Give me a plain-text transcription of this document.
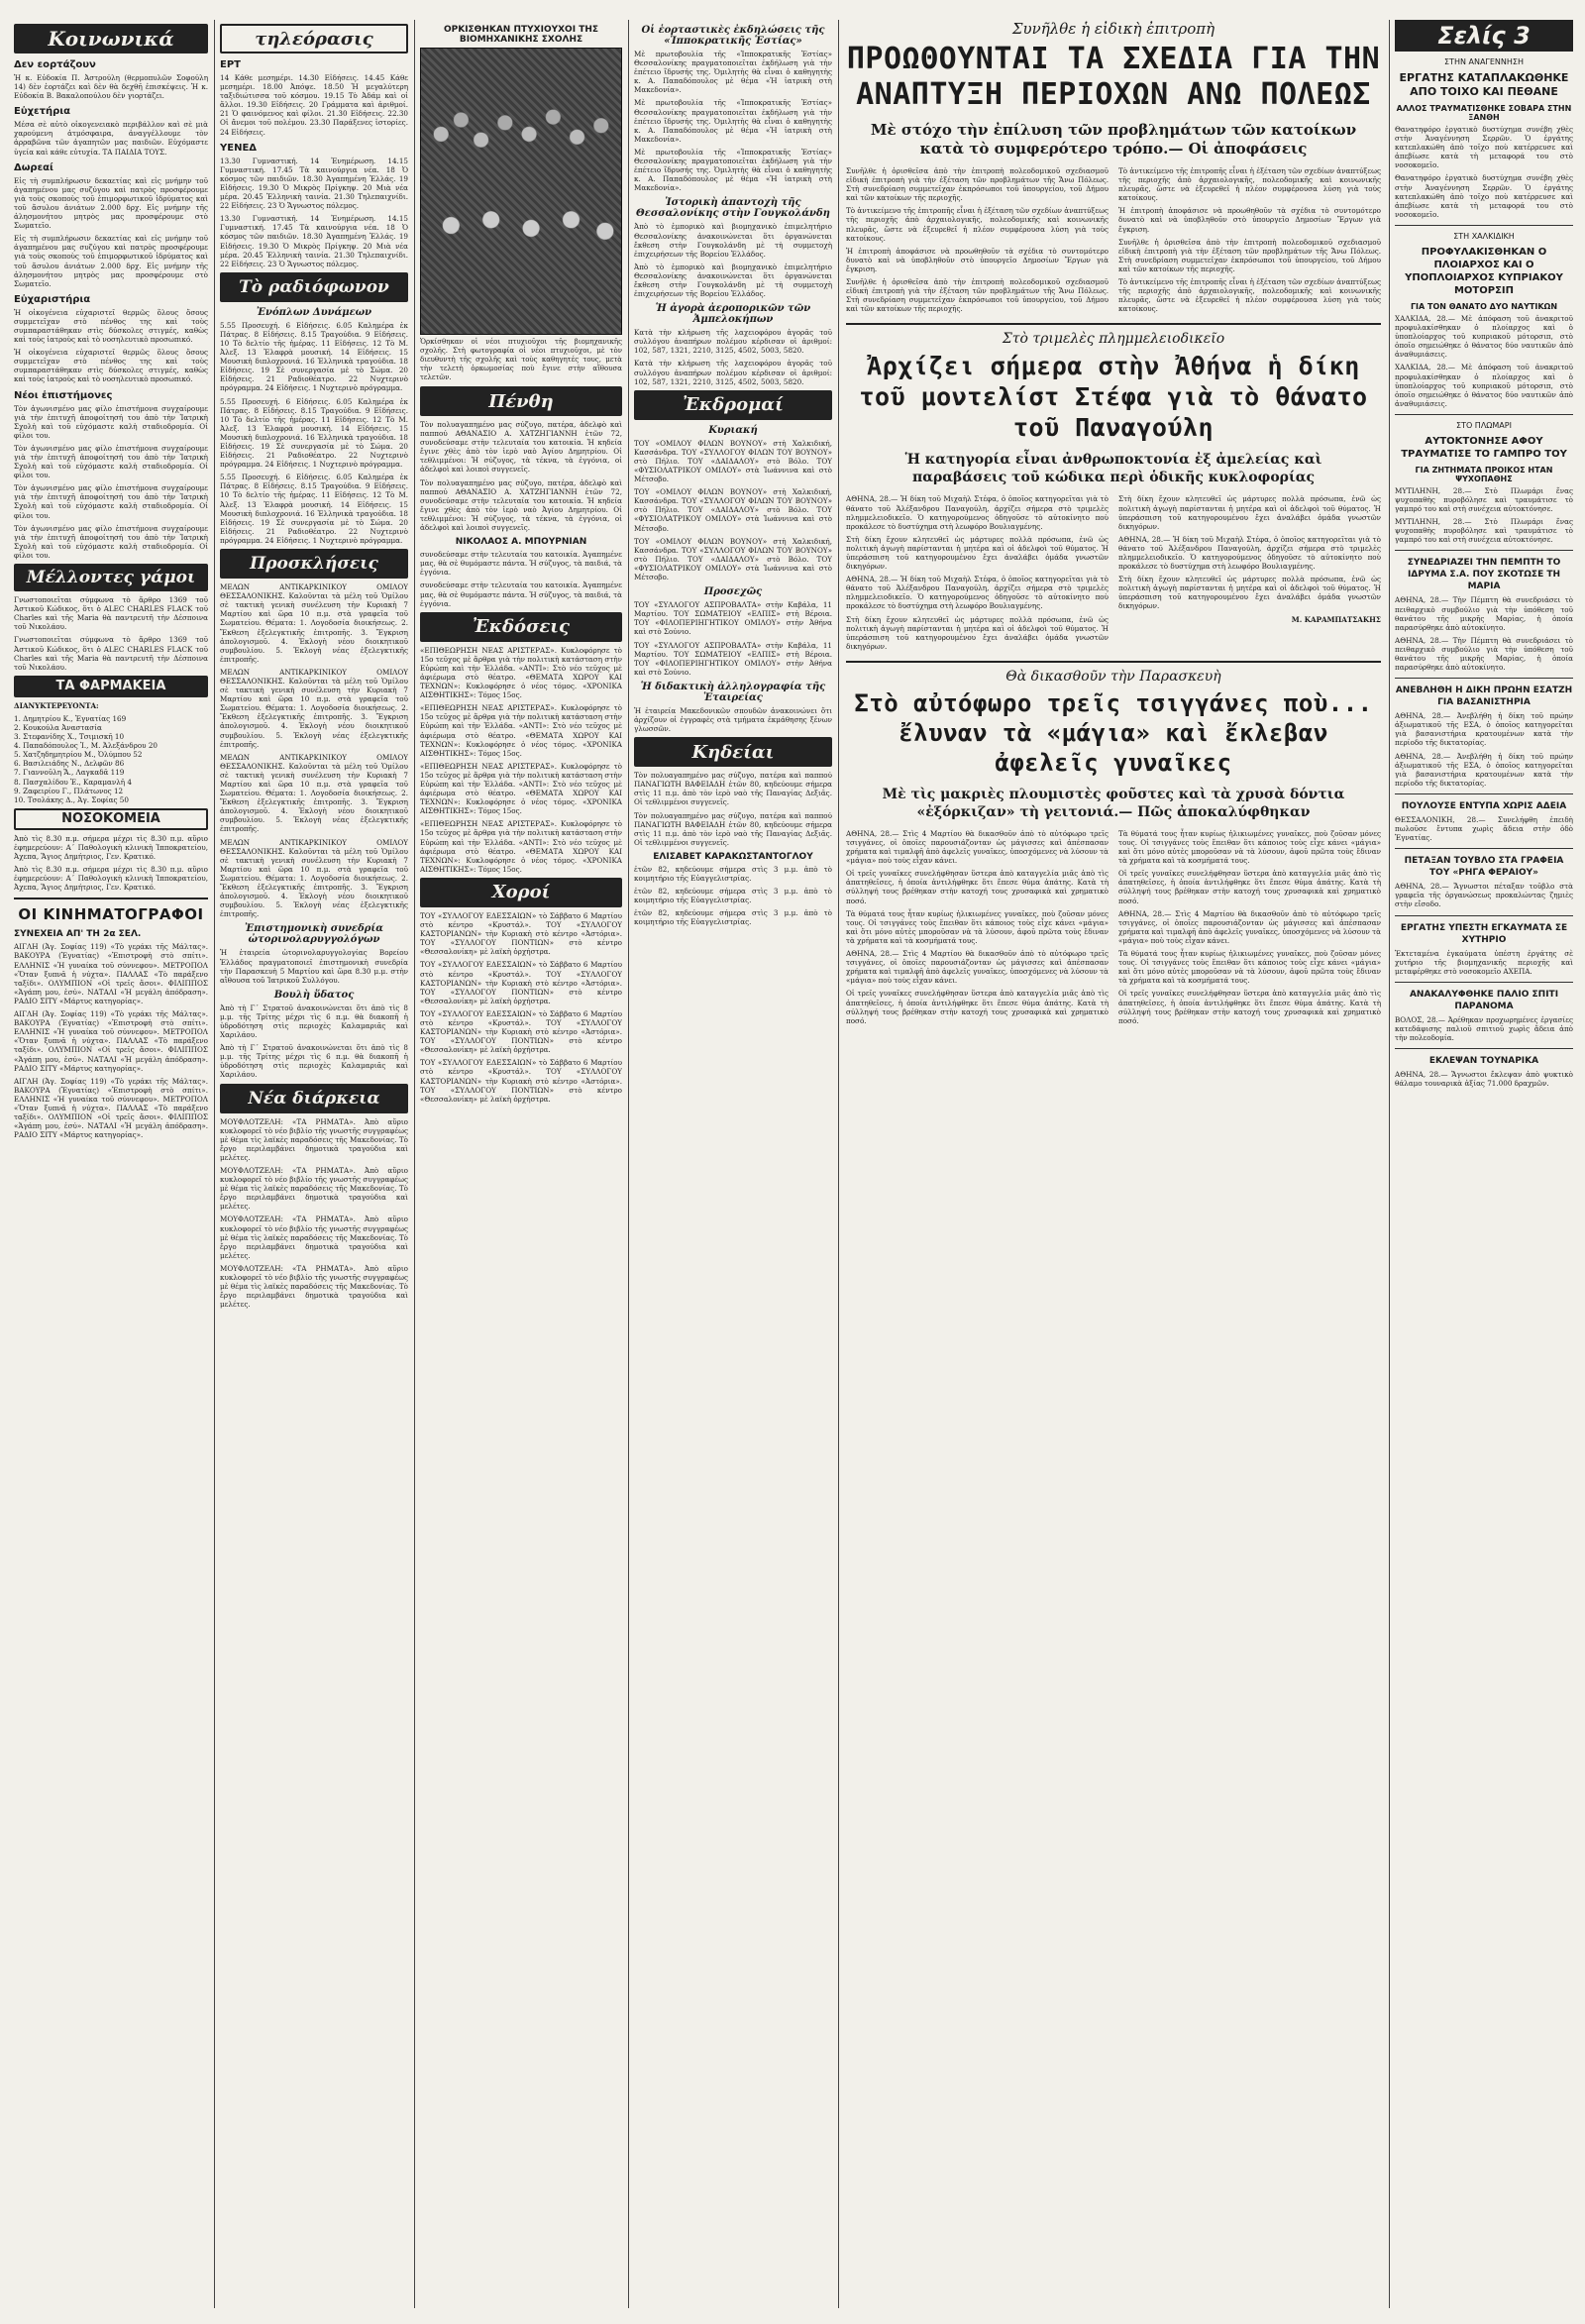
Κοινωνικά
Δεν εορτάζουν
Ἡ κ. Εὐδοκία Π. Ἀστρούλη (θερμοπυλῶν Σοφούλη 14) δὲν ἑορτάζει καὶ δὲν θὰ δεχθῆ ἐπισκέψεις. Ἡ κ. Εὐδοκία Β. Βακαλοπούλου δὲν γιορτάζει.
Εὐχετήρια
Μέσα σὲ αὐτὸ οἰκογενειακὸ περιβάλλον καὶ σὲ μιὰ χαρούμενη ἀτμόσφαιρα, ἀναγγέλλουμε τὸν ἀρραβῶνα τῶν ἀγαπητῶν μας παιδιῶν. Εὐχόμαστε ὑγεία καὶ κάθε εὐτυχία. ΤΑ ΠΑΙΔΙΑ ΤΟΥΣ.
Δωρεαί
Εἰς τὴ συμπλήρωσιν δεκαετίας καὶ εἰς μνήμην τοῦ ἀγαπημένου μας συζύγου καὶ πατρὸς προσφέρουμε γιὰ τοὺς σκοποὺς τοῦ ἐπιμορφωτικοῦ ἱδρύματος καὶ τοῦ ἄσυλου ἀνιάτων 2.000 δρχ. Εἰς μνήμην τῆς ἀλησμονήτου μητρὸς μας προσφέρουμε στὸ Σωματεῖο.
Εἰς τὴ συμπλήρωσιν δεκαετίας καὶ εἰς μνήμην τοῦ ἀγαπημένου μας συζύγου καὶ πατρὸς προσφέρουμε γιὰ τοὺς σκοποὺς τοῦ ἐπιμορφωτικοῦ ἱδρύματος καὶ τοῦ ἄσυλου ἀνιάτων 2.000 δρχ. Εἰς μνήμην τῆς ἀλησμονήτου μητρὸς μας προσφέρουμε στὸ Σωματεῖο.
Εὐχαριστήρια
Ἡ οἰκογένεια εὐχαριστεῖ θερμῶς ὅλους ὅσους συμμετεῖχαν στὸ πένθος της καὶ τοὺς συμπαραστάθηκαν στὶς δύσκολες στιγμές, καθὼς καὶ τοὺς ἰατροὺς καὶ τὸ νοσηλευτικὸ προσωπικό.
Ἡ οἰκογένεια εὐχαριστεῖ θερμῶς ὅλους ὅσους συμμετεῖχαν στὸ πένθος της καὶ τοὺς συμπαραστάθηκαν στὶς δύσκολες στιγμές, καθὼς καὶ τοὺς ἰατροὺς καὶ τὸ νοσηλευτικὸ προσωπικό.
Νέοι ἐπιστήμονες
Τὸν ἀγωνισμένο μας φίλο ἐπιστήμονα συγχαίρουμε γιὰ τὴν ἐπιτυχῆ ἀποφοίτησή του ἀπὸ τὴν Ἰατρικὴ Σχολὴ καὶ τοῦ εὐχόμαστε καλὴ σταδιοδρομία. Οἱ φίλοι του.
Τὸν ἀγωνισμένο μας φίλο ἐπιστήμονα συγχαίρουμε γιὰ τὴν ἐπιτυχῆ ἀποφοίτησή του ἀπὸ τὴν Ἰατρικὴ Σχολὴ καὶ τοῦ εὐχόμαστε καλὴ σταδιοδρομία. Οἱ φίλοι του.
Τὸν ἀγωνισμένο μας φίλο ἐπιστήμονα συγχαίρουμε γιὰ τὴν ἐπιτυχῆ ἀποφοίτησή του ἀπὸ τὴν Ἰατρικὴ Σχολὴ καὶ τοῦ εὐχόμαστε καλὴ σταδιοδρομία. Οἱ φίλοι του.
Τὸν ἀγωνισμένο μας φίλο ἐπιστήμονα συγχαίρουμε γιὰ τὴν ἐπιτυχῆ ἀποφοίτησή του ἀπὸ τὴν Ἰατρικὴ Σχολὴ καὶ τοῦ εὐχόμαστε καλὴ σταδιοδρομία. Οἱ φίλοι του.
Μέλλοντες γάμοι
Γνωστοποιεῖται σύμφωνα τὸ ἄρθρο 1369 τοῦ Ἀστικοῦ Κώδικος, ὅτι ὁ ALEC CHARLES FLACK τοῦ Charles καὶ τῆς Maria θὰ παντρευτῆ τὴν Δέσποινα τοῦ Νικολάου.
Γνωστοποιεῖται σύμφωνα τὸ ἄρθρο 1369 τοῦ Ἀστικοῦ Κώδικος, ὅτι ὁ ALEC CHARLES FLACK τοῦ Charles καὶ τῆς Maria θὰ παντρευτῆ τὴν Δέσποινα τοῦ Νικολάου.
ΤΑ ΦΑΡΜΑΚΕΙΑ
ΔΙΑΝΥΚΤΕΡΕΥΟΝΤΑ:
1. Δημητρίου Κ., Ἐγνατίας 169
2. Κουκούλα Ἀναστασία
3. Στεφανίδης Χ., Τσιμισκῆ 10
4. Παπαδόπουλος Ἰ., Μ. Ἀλεξάνδρου 20
5. Χατζηδημητρίου Μ., Ὀλύμπου 52
6. Βασιλειάδης Ν., Δελφῶν 86
7. Γιαννοῦλη Ἄ., Λαγκαδᾶ 119
8. Πασχαλίδου Ἐ., Καραμανλῆ 4
9. Ζαφειρίου Γ., Πλάτωνος 12
10. Τσολάκης Δ., Ἀγ. Σοφίας 50
ΝΟΣΟΚΟΜΕΙΑ
Ἀπὸ τὶς 8.30 π.μ. σήμερα μέχρι τὶς 8.30 π.μ. αὔριο ἐφημερεύουν: Α΄ Παθολογικὴ κλινικὴ Ἱπποκρατείου, Ἀχεπα, Ἅγιος Δημήτριος, Γεν. Κρατικό.
Ἀπὸ τὶς 8.30 π.μ. σήμερα μέχρι τὶς 8.30 π.μ. αὔριο ἐφημερεύουν: Α΄ Παθολογικὴ κλινικὴ Ἱπποκρατείου, Ἀχεπα, Ἅγιος Δημήτριος, Γεν. Κρατικό.
ΟΙ ΚΙΝΗΜΑΤΟΓΡΑΦΟΙ
ΣΥΝΕΧΕΙΑ ΑΠ' ΤΗ 2α ΣΕΛ.
ΑΙΓΛΗ (Ἀγ. Σοφίας 119) «Τὸ γεράκι τῆς Μάλτας». ΒΑΚΟΥΡΑ (Ἐγνατίας) «Ἐπιστροφὴ στὸ σπίτι». ΕΛΛΗΝΙΣ «Ἡ γυναίκα τοῦ σύννεφου». ΜΕΤΡΟΠΟΛ «Ὅταν ξυπνᾶ ἡ νύχτα». ΠΑΛΛΑΣ «Τὸ παράξενο ταξίδι». ΟΛΥΜΠΙΟΝ «Οἱ τρεῖς ἄσοι». ΦΙΛΙΠΠΟΣ «Ἀγάπη μου, ἐσύ». ΝΑΤΑΛΙ «Ἡ μεγάλη ἀπόδραση». ΡΑΔΙΟ ΣΙΤΥ «Μάρτυς κατηγορίας».
ΑΙΓΛΗ (Ἀγ. Σοφίας 119) «Τὸ γεράκι τῆς Μάλτας». ΒΑΚΟΥΡΑ (Ἐγνατίας) «Ἐπιστροφὴ στὸ σπίτι». ΕΛΛΗΝΙΣ «Ἡ γυναίκα τοῦ σύννεφου». ΜΕΤΡΟΠΟΛ «Ὅταν ξυπνᾶ ἡ νύχτα». ΠΑΛΛΑΣ «Τὸ παράξενο ταξίδι». ΟΛΥΜΠΙΟΝ «Οἱ τρεῖς ἄσοι». ΦΙΛΙΠΠΟΣ «Ἀγάπη μου, ἐσύ». ΝΑΤΑΛΙ «Ἡ μεγάλη ἀπόδραση». ΡΑΔΙΟ ΣΙΤΥ «Μάρτυς κατηγορίας».
ΑΙΓΛΗ (Ἀγ. Σοφίας 119) «Τὸ γεράκι τῆς Μάλτας». ΒΑΚΟΥΡΑ (Ἐγνατίας) «Ἐπιστροφὴ στὸ σπίτι». ΕΛΛΗΝΙΣ «Ἡ γυναίκα τοῦ σύννεφου». ΜΕΤΡΟΠΟΛ «Ὅταν ξυπνᾶ ἡ νύχτα». ΠΑΛΛΑΣ «Τὸ παράξενο ταξίδι». ΟΛΥΜΠΙΟΝ «Οἱ τρεῖς ἄσοι». ΦΙΛΙΠΠΟΣ «Ἀγάπη μου, ἐσύ». ΝΑΤΑΛΙ «Ἡ μεγάλη ἀπόδραση». ΡΑΔΙΟ ΣΙΤΥ «Μάρτυς κατηγορίας».
τηλεόρασις
ΕΡΤ
14 Κάθε μεσημέρι. 14.30 Εἰδήσεις. 14.45 Κάθε μεσημέρι. 18.00 Ἀπόψε. 18.50 Ἡ μεγαλύτερη ταξιδιώτισσα τοῦ κόσμου. 19.15 Τὸ Ἀδάμ καὶ οἱ ἄλλοι. 19.30 Εἰδήσεις. 20 Γράμματα καὶ ἀριθμοί. 21 Ὁ φαινόμενος καὶ φίλοι. 21.30 Εἰδήσεις. 22.30 Οἱ ἄνεμοι τοῦ πολέμου. 23.30 Παράξενες ἱστορίες. 24 Εἰδήσεις.
ΥΕΝΕΔ
13.30 Γυμναστική. 14 Ἐνημέρωση. 14.15 Γυμναστική. 17.45 Τὰ καινούργια νέα. 18 Ὁ κόσμος τῶν παιδιῶν. 18.30 Ἀγαπημένη Ἑλλάς. 19 Εἰδήσεις. 19.30 Ὁ Μικρὸς Πρίγκηψ. 20 Μιὰ νέα μέρα. 20.45 Ἑλληνικὴ ταινία. 21.30 Τηλεπαιχνίδι. 22 Εἰδήσεις. 23 Ὁ Ἄγνωστος πόλεμος.
13.30 Γυμναστική. 14 Ἐνημέρωση. 14.15 Γυμναστική. 17.45 Τὰ καινούργια νέα. 18 Ὁ κόσμος τῶν παιδιῶν. 18.30 Ἀγαπημένη Ἑλλάς. 19 Εἰδήσεις. 19.30 Ὁ Μικρὸς Πρίγκηψ. 20 Μιὰ νέα μέρα. 20.45 Ἑλληνικὴ ταινία. 21.30 Τηλεπαιχνίδι. 22 Εἰδήσεις. 23 Ὁ Ἄγνωστος πόλεμος.
Τὸ ραδιόφωνον
Ἐνόπλων Δυνάμεων
5.55 Προσευχή. 6 Εἰδήσεις. 6.05 Καλημέρα ἐκ Πάτρας. 8 Εἰδήσεις. 8.15 Τραγούδια. 9 Εἰδήσεις. 10 Τὸ δελτίο τῆς ἡμέρας. 11 Εἰδήσεις. 12 Τὸ Μ. Ἀλεξ. 13 Ἐλαφρὰ μουσική. 14 Εἰδήσεις. 15 Μουσικὴ διπλοχρονιά. 16 Ἑλληνικὰ τραγούδια. 18 Εἰδήσεις. 19 Σὲ συνεργασία μὲ τὸ Σώμα. 20 Εἰδήσεις. 21 Ραδιοθέατρο. 22 Νυχτερινὸ πρόγραμμα. 24 Εἰδήσεις. 1 Νυχτερινὸ πρόγραμμα.
5.55 Προσευχή. 6 Εἰδήσεις. 6.05 Καλημέρα ἐκ Πάτρας. 8 Εἰδήσεις. 8.15 Τραγούδια. 9 Εἰδήσεις. 10 Τὸ δελτίο τῆς ἡμέρας. 11 Εἰδήσεις. 12 Τὸ Μ. Ἀλεξ. 13 Ἐλαφρὰ μουσική. 14 Εἰδήσεις. 15 Μουσικὴ διπλοχρονιά. 16 Ἑλληνικὰ τραγούδια. 18 Εἰδήσεις. 19 Σὲ συνεργασία μὲ τὸ Σώμα. 20 Εἰδήσεις. 21 Ραδιοθέατρο. 22 Νυχτερινὸ πρόγραμμα. 24 Εἰδήσεις. 1 Νυχτερινὸ πρόγραμμα.
5.55 Προσευχή. 6 Εἰδήσεις. 6.05 Καλημέρα ἐκ Πάτρας. 8 Εἰδήσεις. 8.15 Τραγούδια. 9 Εἰδήσεις. 10 Τὸ δελτίο τῆς ἡμέρας. 11 Εἰδήσεις. 12 Τὸ Μ. Ἀλεξ. 13 Ἐλαφρὰ μουσική. 14 Εἰδήσεις. 15 Μουσικὴ διπλοχρονιά. 16 Ἑλληνικὰ τραγούδια. 18 Εἰδήσεις. 19 Σὲ συνεργασία μὲ τὸ Σώμα. 20 Εἰδήσεις. 21 Ραδιοθέατρο. 22 Νυχτερινὸ πρόγραμμα. 24 Εἰδήσεις. 1 Νυχτερινὸ πρόγραμμα.
Προσκλήσεις
ΜΕΛΩΝ ΑΝΤΙΚΑΡΚΙΝΙΚΟΥ ΟΜΙΛΟΥ ΘΕΣΣΑΛΟΝΙΚΗΣ. Καλοῦνται τὰ μέλη τοῦ Ὁμίλου σὲ τακτικὴ γενικὴ συνέλευση τὴν Κυριακὴ 7 Μαρτίου καὶ ὥρα 10 π.μ. στὰ γραφεῖα τοῦ Σωματείου. Θέματα: 1. Λογοδοσία διοικήσεως. 2. Ἔκθεση ἐξελεγκτικῆς ἐπιτροπῆς. 3. Ἔγκριση ἀπολογισμοῦ. 4. Ἐκλογὴ νέου διοικητικοῦ συμβουλίου. 5. Ἐκλογὴ νέας ἐξελεγκτικῆς ἐπιτροπῆς.
ΜΕΛΩΝ ΑΝΤΙΚΑΡΚΙΝΙΚΟΥ ΟΜΙΛΟΥ ΘΕΣΣΑΛΟΝΙΚΗΣ. Καλοῦνται τὰ μέλη τοῦ Ὁμίλου σὲ τακτικὴ γενικὴ συνέλευση τὴν Κυριακὴ 7 Μαρτίου καὶ ὥρα 10 π.μ. στὰ γραφεῖα τοῦ Σωματείου. Θέματα: 1. Λογοδοσία διοικήσεως. 2. Ἔκθεση ἐξελεγκτικῆς ἐπιτροπῆς. 3. Ἔγκριση ἀπολογισμοῦ. 4. Ἐκλογὴ νέου διοικητικοῦ συμβουλίου. 5. Ἐκλογὴ νέας ἐξελεγκτικῆς ἐπιτροπῆς.
ΜΕΛΩΝ ΑΝΤΙΚΑΡΚΙΝΙΚΟΥ ΟΜΙΛΟΥ ΘΕΣΣΑΛΟΝΙΚΗΣ. Καλοῦνται τὰ μέλη τοῦ Ὁμίλου σὲ τακτικὴ γενικὴ συνέλευση τὴν Κυριακὴ 7 Μαρτίου καὶ ὥρα 10 π.μ. στὰ γραφεῖα τοῦ Σωματείου. Θέματα: 1. Λογοδοσία διοικήσεως. 2. Ἔκθεση ἐξελεγκτικῆς ἐπιτροπῆς. 3. Ἔγκριση ἀπολογισμοῦ. 4. Ἐκλογὴ νέου διοικητικοῦ συμβουλίου. 5. Ἐκλογὴ νέας ἐξελεγκτικῆς ἐπιτροπῆς.
ΜΕΛΩΝ ΑΝΤΙΚΑΡΚΙΝΙΚΟΥ ΟΜΙΛΟΥ ΘΕΣΣΑΛΟΝΙΚΗΣ. Καλοῦνται τὰ μέλη τοῦ Ὁμίλου σὲ τακτικὴ γενικὴ συνέλευση τὴν Κυριακὴ 7 Μαρτίου καὶ ὥρα 10 π.μ. στὰ γραφεῖα τοῦ Σωματείου. Θέματα: 1. Λογοδοσία διοικήσεως. 2. Ἔκθεση ἐξελεγκτικῆς ἐπιτροπῆς. 3. Ἔγκριση ἀπολογισμοῦ. 4. Ἐκλογὴ νέου διοικητικοῦ συμβουλίου. 5. Ἐκλογὴ νέας ἐξελεγκτικῆς ἐπιτροπῆς.
Ἐπιστημονικὴ συνεδρία ὠτορινολαρυγγολόγων
Ἡ ἑταιρεία ὠτορινολαρυγγολογίας Βορείου Ἑλλάδος πραγματοποιεῖ ἐπιστημονικὴ συνεδρία τὴν Παρασκευὴ 5 Μαρτίου καὶ ὥρα 8.30 μ.μ. στὴν αἴθουσα τοῦ Ἰατρικοῦ Συλλόγου.
Βουλὴ ὕδατος
Ἀπὸ τὴ Γ΄ Στρατοῦ ἀνακοινώνεται ὅτι ἀπὸ τὶς 8 μ.μ. τῆς Τρίτης μέχρι τὶς 6 π.μ. θὰ διακοπῆ ἡ ὑδροδότηση στὶς περιοχὲς Καλαμαριᾶς καὶ Χαριλάου.
Ἀπὸ τὴ Γ΄ Στρατοῦ ἀνακοινώνεται ὅτι ἀπὸ τὶς 8 μ.μ. τῆς Τρίτης μέχρι τὶς 6 π.μ. θὰ διακοπῆ ἡ ὑδροδότηση στὶς περιοχὲς Καλαμαριᾶς καὶ Χαριλάου.
Νέα διάρκεια
ΜΟΥΦΛΟΤΖΕΛΗ: «ΤΑ ΡΗΜΑΤΑ». Ἀπὸ αὔριο κυκλοφορεῖ τὸ νέο βιβλίο τῆς γνωστῆς συγγραφέως μὲ θέμα τὶς λαϊκὲς παραδόσεις τῆς Μακεδονίας. Τὸ ἔργο περιλαμβάνει δημοτικὰ τραγούδια καὶ μελέτες.
ΜΟΥΦΛΟΤΖΕΛΗ: «ΤΑ ΡΗΜΑΤΑ». Ἀπὸ αὔριο κυκλοφορεῖ τὸ νέο βιβλίο τῆς γνωστῆς συγγραφέως μὲ θέμα τὶς λαϊκὲς παραδόσεις τῆς Μακεδονίας. Τὸ ἔργο περιλαμβάνει δημοτικὰ τραγούδια καὶ μελέτες.
ΜΟΥΦΛΟΤΖΕΛΗ: «ΤΑ ΡΗΜΑΤΑ». Ἀπὸ αὔριο κυκλοφορεῖ τὸ νέο βιβλίο τῆς γνωστῆς συγγραφέως μὲ θέμα τὶς λαϊκὲς παραδόσεις τῆς Μακεδονίας. Τὸ ἔργο περιλαμβάνει δημοτικὰ τραγούδια καὶ μελέτες.
ΜΟΥΦΛΟΤΖΕΛΗ: «ΤΑ ΡΗΜΑΤΑ». Ἀπὸ αὔριο κυκλοφορεῖ τὸ νέο βιβλίο τῆς γνωστῆς συγγραφέως μὲ θέμα τὶς λαϊκὲς παραδόσεις τῆς Μακεδονίας. Τὸ ἔργο περιλαμβάνει δημοτικὰ τραγούδια καὶ μελέτες.
ΟΡΚΙΣΘΗΚΑΝ ΠΤΥΧΙΟΥΧΟΙ ΤΗΣ ΒΙΟΜΗΧΑΝΙΚΗΣ ΣΧΟΛΗΣ
Ὁρκίσθηκαν οἱ νέοι πτυχιοῦχοι τῆς βιομηχανικῆς σχολῆς. Στὴ φωτογραφία οἱ νέοι πτυχιοῦχοι, μὲ τὸν διευθυντὴ τῆς σχολῆς καὶ τοὺς καθηγητές τους, μετὰ τὴν τελετὴ ὁρκωμοσίας ποὺ ἔγινε στὴν αἴθουσα τελετῶν.
Πένθη
Τὸν πολυαγαπημένο μας σύζυγο, πατέρα, ἀδελφὸ καὶ παππού ΑΘΑΝΑΣΙΟ Α. ΧΑΤΖΗΓΙΑΝΝΗ ἐτῶν 72, συνοδεύσαμε στὴν τελευταία του κατοικία. Ἡ κηδεία ἔγινε χθὲς ἀπὸ τὸν ἱερὸ ναὸ Ἁγίου Δημητρίου. Οἱ τεθλιμμένοι: Ἡ σύζυγος, τὰ τέκνα, τὰ ἐγγόνια, οἱ ἀδελφοὶ καὶ λοιποὶ συγγενεῖς.
Τὸν πολυαγαπημένο μας σύζυγο, πατέρα, ἀδελφὸ καὶ παππού ΑΘΑΝΑΣΙΟ Α. ΧΑΤΖΗΓΙΑΝΝΗ ἐτῶν 72, συνοδεύσαμε στὴν τελευταία του κατοικία. Ἡ κηδεία ἔγινε χθὲς ἀπὸ τὸν ἱερὸ ναὸ Ἁγίου Δημητρίου. Οἱ τεθλιμμένοι: Ἡ σύζυγος, τὰ τέκνα, τὰ ἐγγόνια, οἱ ἀδελφοὶ καὶ λοιποὶ συγγενεῖς.
ΝΙΚΟΛΑΟΣ Α. ΜΠΟΥΡΝΙΑΝ
συνοδεύσαμε στὴν τελευταία του κατοικία. Ἀγαπημένε μας, θὰ σὲ θυμόμαστε πάντα. Ἡ σύζυγος, τὰ παιδιά, τὰ ἐγγόνια.
συνοδεύσαμε στὴν τελευταία του κατοικία. Ἀγαπημένε μας, θὰ σὲ θυμόμαστε πάντα. Ἡ σύζυγος, τὰ παιδιά, τὰ ἐγγόνια.
Ἐκδόσεις
«ΕΠΙΘΕΩΡΗΣΗ ΝΕΑΣ ΑΡΙΣΤΕΡΑΣ». Κυκλοφόρησε τὸ 15ο τεῦχος μὲ ἄρθρα γιὰ τὴν πολιτικὴ κατάσταση στὴν Εὐρώπη καὶ τὴν Ἑλλάδα. «ΑΝΤΙ»: Στὸ νέο τεῦχος μὲ ἀφιέρωμα στὸ θέατρο. «ΘΕΜΑΤΑ ΧΩΡΟΥ ΚΑΙ ΤΕΧΝΩΝ»: Κυκλοφόρησε ὁ νέος τόμος. «ΧΡΟΝΙΚΑ ΑΙΣΘΗΤΙΚΗΣ»: Τόμος 15ος.
«ΕΠΙΘΕΩΡΗΣΗ ΝΕΑΣ ΑΡΙΣΤΕΡΑΣ». Κυκλοφόρησε τὸ 15ο τεῦχος μὲ ἄρθρα γιὰ τὴν πολιτικὴ κατάσταση στὴν Εὐρώπη καὶ τὴν Ἑλλάδα. «ΑΝΤΙ»: Στὸ νέο τεῦχος μὲ ἀφιέρωμα στὸ θέατρο. «ΘΕΜΑΤΑ ΧΩΡΟΥ ΚΑΙ ΤΕΧΝΩΝ»: Κυκλοφόρησε ὁ νέος τόμος. «ΧΡΟΝΙΚΑ ΑΙΣΘΗΤΙΚΗΣ»: Τόμος 15ος.
«ΕΠΙΘΕΩΡΗΣΗ ΝΕΑΣ ΑΡΙΣΤΕΡΑΣ». Κυκλοφόρησε τὸ 15ο τεῦχος μὲ ἄρθρα γιὰ τὴν πολιτικὴ κατάσταση στὴν Εὐρώπη καὶ τὴν Ἑλλάδα. «ΑΝΤΙ»: Στὸ νέο τεῦχος μὲ ἀφιέρωμα στὸ θέατρο. «ΘΕΜΑΤΑ ΧΩΡΟΥ ΚΑΙ ΤΕΧΝΩΝ»: Κυκλοφόρησε ὁ νέος τόμος. «ΧΡΟΝΙΚΑ ΑΙΣΘΗΤΙΚΗΣ»: Τόμος 15ος.
«ΕΠΙΘΕΩΡΗΣΗ ΝΕΑΣ ΑΡΙΣΤΕΡΑΣ». Κυκλοφόρησε τὸ 15ο τεῦχος μὲ ἄρθρα γιὰ τὴν πολιτικὴ κατάσταση στὴν Εὐρώπη καὶ τὴν Ἑλλάδα. «ΑΝΤΙ»: Στὸ νέο τεῦχος μὲ ἀφιέρωμα στὸ θέατρο. «ΘΕΜΑΤΑ ΧΩΡΟΥ ΚΑΙ ΤΕΧΝΩΝ»: Κυκλοφόρησε ὁ νέος τόμος. «ΧΡΟΝΙΚΑ ΑΙΣΘΗΤΙΚΗΣ»: Τόμος 15ος.
Χοροί
ΤΟΥ «ΣΥΛΛΟΓΟΥ ΕΔΕΣΣΑΙΩΝ» τὸ Σάββατο 6 Μαρτίου στὸ κέντρο «Κρυστάλ». ΤΟΥ «ΣΥΛΛΟΓΟΥ ΚΑΣΤΟΡΙΑΝΩΝ» τὴν Κυριακὴ στὸ κέντρο «Ἀστόρια». ΤΟΥ «ΣΥΛΛΟΓΟΥ ΠΟΝΤΙΩΝ» στὸ κέντρο «Θεσσαλονίκη» μὲ λαϊκὴ ὀρχήστρα.
ΤΟΥ «ΣΥΛΛΟΓΟΥ ΕΔΕΣΣΑΙΩΝ» τὸ Σάββατο 6 Μαρτίου στὸ κέντρο «Κρυστάλ». ΤΟΥ «ΣΥΛΛΟΓΟΥ ΚΑΣΤΟΡΙΑΝΩΝ» τὴν Κυριακὴ στὸ κέντρο «Ἀστόρια». ΤΟΥ «ΣΥΛΛΟΓΟΥ ΠΟΝΤΙΩΝ» στὸ κέντρο «Θεσσαλονίκη» μὲ λαϊκὴ ὀρχήστρα.
ΤΟΥ «ΣΥΛΛΟΓΟΥ ΕΔΕΣΣΑΙΩΝ» τὸ Σάββατο 6 Μαρτίου στὸ κέντρο «Κρυστάλ». ΤΟΥ «ΣΥΛΛΟΓΟΥ ΚΑΣΤΟΡΙΑΝΩΝ» τὴν Κυριακὴ στὸ κέντρο «Ἀστόρια». ΤΟΥ «ΣΥΛΛΟΓΟΥ ΠΟΝΤΙΩΝ» στὸ κέντρο «Θεσσαλονίκη» μὲ λαϊκὴ ὀρχήστρα.
ΤΟΥ «ΣΥΛΛΟΓΟΥ ΕΔΕΣΣΑΙΩΝ» τὸ Σάββατο 6 Μαρτίου στὸ κέντρο «Κρυστάλ». ΤΟΥ «ΣΥΛΛΟΓΟΥ ΚΑΣΤΟΡΙΑΝΩΝ» τὴν Κυριακὴ στὸ κέντρο «Ἀστόρια». ΤΟΥ «ΣΥΛΛΟΓΟΥ ΠΟΝΤΙΩΝ» στὸ κέντρο «Θεσσαλονίκη» μὲ λαϊκὴ ὀρχήστρα.
Οἱ ἑορταστικὲς ἐκδηλώσεις τῆς «Ἱπποκρατικῆς Ἑστίας»
Μὲ πρωτοβουλία τῆς «Ἱπποκρατικῆς Ἑστίας» Θεσσαλονίκης πραγματοποιεῖται ἐκδήλωση γιὰ τὴν ἐπέτειο ἵδρυσής της. Ὁμιλητὴς θὰ εἶναι ὁ καθηγητὴς κ. Α. Παπαδόπουλος μὲ θέμα «Ἡ ἰατρικὴ στὴ Μακεδονία».
Μὲ πρωτοβουλία τῆς «Ἱπποκρατικῆς Ἑστίας» Θεσσαλονίκης πραγματοποιεῖται ἐκδήλωση γιὰ τὴν ἐπέτειο ἵδρυσής της. Ὁμιλητὴς θὰ εἶναι ὁ καθηγητὴς κ. Α. Παπαδόπουλος μὲ θέμα «Ἡ ἰατρικὴ στὴ Μακεδονία».
Μὲ πρωτοβουλία τῆς «Ἱπποκρατικῆς Ἑστίας» Θεσσαλονίκης πραγματοποιεῖται ἐκδήλωση γιὰ τὴν ἐπέτειο ἵδρυσής της. Ὁμιλητὴς θὰ εἶναι ὁ καθηγητὴς κ. Α. Παπαδόπουλος μὲ θέμα «Ἡ ἰατρικὴ στὴ Μακεδονία».
Ἱστορικὴ ἀπαντοχὴ τῆς Θεσσαλονίκης στὴν Γουγκολάνδη
Ἀπὸ τὸ ἐμπορικὸ καὶ βιομηχανικὸ ἐπιμελητήριο Θεσσαλονίκης ἀνακοινώνεται ὅτι ὀργανώνεται ἔκθεση στὴν Γουγκολάνδη μὲ τὴ συμμετοχὴ ἐπιχειρήσεων τῆς Βορείου Ἑλλάδος.
Ἀπὸ τὸ ἐμπορικὸ καὶ βιομηχανικὸ ἐπιμελητήριο Θεσσαλονίκης ἀνακοινώνεται ὅτι ὀργανώνεται ἔκθεση στὴν Γουγκολάνδη μὲ τὴ συμμετοχὴ ἐπιχειρήσεων τῆς Βορείου Ἑλλάδος.
Ἡ ἀγορὰ ἀεροπορικῶν τῶν Ἀμπελοκήπων
Κατὰ τὴν κλήρωση τῆς λαχειοφόρου ἀγορᾶς τοῦ συλλόγου ἀναπήρων πολέμου κέρδισαν οἱ ἀριθμοί: 102, 587, 1321, 2210, 3125, 4502, 5003, 5820.
Κατὰ τὴν κλήρωση τῆς λαχειοφόρου ἀγορᾶς τοῦ συλλόγου ἀναπήρων πολέμου κέρδισαν οἱ ἀριθμοί: 102, 587, 1321, 2210, 3125, 4502, 5003, 5820.
Ἐκδρομαί
Κυριακή
ΤΟΥ «ΟΜΙΛΟΥ ΦΙΛΩΝ ΒΟΥΝΟΥ» στὴ Χαλκιδική, Κασσάνδρα. ΤΟΥ «ΣΥΛΛΟΓΟΥ ΦΙΛΩΝ ΤΟΥ ΒΟΥΝΟΥ» στὸ Πήλιο. ΤΟΥ «ΔΑΙΔΑΛΟΥ» στὸ Βόλο. ΤΟΥ «ΦΥΣΙΟΛΑΤΡΙΚΟΥ ΟΜΙΛΟΥ» στὰ Ἱωάννινα καὶ στὸ Μέτσοβο.
ΤΟΥ «ΟΜΙΛΟΥ ΦΙΛΩΝ ΒΟΥΝΟΥ» στὴ Χαλκιδική, Κασσάνδρα. ΤΟΥ «ΣΥΛΛΟΓΟΥ ΦΙΛΩΝ ΤΟΥ ΒΟΥΝΟΥ» στὸ Πήλιο. ΤΟΥ «ΔΑΙΔΑΛΟΥ» στὸ Βόλο. ΤΟΥ «ΦΥΣΙΟΛΑΤΡΙΚΟΥ ΟΜΙΛΟΥ» στὰ Ἱωάννινα καὶ στὸ Μέτσοβο.
ΤΟΥ «ΟΜΙΛΟΥ ΦΙΛΩΝ ΒΟΥΝΟΥ» στὴ Χαλκιδική, Κασσάνδρα. ΤΟΥ «ΣΥΛΛΟΓΟΥ ΦΙΛΩΝ ΤΟΥ ΒΟΥΝΟΥ» στὸ Πήλιο. ΤΟΥ «ΔΑΙΔΑΛΟΥ» στὸ Βόλο. ΤΟΥ «ΦΥΣΙΟΛΑΤΡΙΚΟΥ ΟΜΙΛΟΥ» στὰ Ἱωάννινα καὶ στὸ Μέτσοβο.
Προσεχῶς
ΤΟΥ «ΣΥΛΛΟΓΟΥ ΑΣΠΡΟΒΑΛΤΑ» στὴν Καβάλα, 11 Μαρτίου. ΤΟΥ ΣΩΜΑΤΕΙΟΥ «ΕΛΠΙΣ» στὴ Βέροια. ΤΟΥ «ΦΙΛΟΠΕΡΙΗΓΗΤΙΚΟΥ ΟΜΙΛΟΥ» στὴν Ἀθήνα καὶ στὸ Σούνιο.
ΤΟΥ «ΣΥΛΛΟΓΟΥ ΑΣΠΡΟΒΑΛΤΑ» στὴν Καβάλα, 11 Μαρτίου. ΤΟΥ ΣΩΜΑΤΕΙΟΥ «ΕΛΠΙΣ» στὴ Βέροια. ΤΟΥ «ΦΙΛΟΠΕΡΙΗΓΗΤΙΚΟΥ ΟΜΙΛΟΥ» στὴν Ἀθήνα καὶ στὸ Σούνιο.
Ἡ διδακτικὴ ἀλληλογραφία τῆς Ἑταιρείας
Ἡ ἑταιρεία Μακεδονικῶν σπουδῶν ἀνακοινώνει ὅτι ἀρχίζουν οἱ ἐγγραφὲς στὰ τμήματα ἐκμάθησης ξένων γλωσσῶν.
Κηδείαι
Τὸν πολυαγαπημένο μας σύζυγο, πατέρα καὶ παππού ΠΑΝΑΓΙΩΤΗ ΒΑΦΕΙΑΔΗ ἐτῶν 80, κηδεύουμε σήμερα στὶς 11 π.μ. ἀπὸ τὸν ἱερὸ ναὸ τῆς Παναγίας Δεξιᾶς. Οἱ τεθλιμμένοι συγγενεῖς.
Τὸν πολυαγαπημένο μας σύζυγο, πατέρα καὶ παππού ΠΑΝΑΓΙΩΤΗ ΒΑΦΕΙΑΔΗ ἐτῶν 80, κηδεύουμε σήμερα στὶς 11 π.μ. ἀπὸ τὸν ἱερὸ ναὸ τῆς Παναγίας Δεξιᾶς. Οἱ τεθλιμμένοι συγγενεῖς.
ΕΛΙΣΑΒΕΤ ΚΑΡΑΚΩΣΤΑΝΤΟΓΛΟΥ
ἐτῶν 82, κηδεύουμε σήμερα στὶς 3 μ.μ. ἀπὸ τὸ κοιμητήριο τῆς Εὐαγγελιστρίας.
ἐτῶν 82, κηδεύουμε σήμερα στὶς 3 μ.μ. ἀπὸ τὸ κοιμητήριο τῆς Εὐαγγελιστρίας.
ἐτῶν 82, κηδεύουμε σήμερα στὶς 3 μ.μ. ἀπὸ τὸ κοιμητήριο τῆς Εὐαγγελιστρίας.
Συνῆλθε ἡ εἰδικὴ ἐπιτροπὴ
ΠΡΟΩΘΟΥΝΤΑΙ ΤΑ ΣΧΕΔΙΑ ΓΙΑ ΤΗΝ ΑΝΑΠΤΥΞΗ ΠΕΡΙΟΧΩΝ ΑΝΩ ΠΟΛΕΩΣ
Μὲ στόχο τὴν ἐπίλυση τῶν προβλημάτων τῶν κατοίκων κατὰ τὸ συμφερότερο τρόπο.— Οἱ ἀποφάσεις
Συνῆλθε ἡ ὁρισθεῖσα ἀπὸ τὴν ἐπιτροπὴ πολεοδομικοῦ σχεδιασμοῦ εἰδικὴ ἐπιτροπὴ γιὰ τὴν ἐξέταση τῶν προβλημάτων τῆς Ἄνω Πόλεως. Στὴ συνεδρίαση συμμετεῖχαν ἐκπρόσωποι τοῦ ὑπουργείου, τοῦ Δήμου καὶ τῶν κατοίκων τῆς περιοχῆς.
Τὸ ἀντικείμενο τῆς ἐπιτροπῆς εἶναι ἡ ἐξέταση τῶν σχεδίων ἀναπτύξεως τῆς περιοχῆς ἀπὸ ἀρχαιολογικῆς, πολεοδομικῆς καὶ κοινωνικῆς πλευρᾶς, ὥστε νὰ ἐξευρεθεῖ ἡ πλέον συμφέρουσα λύση γιὰ τοὺς κατοίκους.
Ἡ ἐπιτροπὴ ἀποφάσισε νὰ προωθηθοῦν τὰ σχέδια τὸ συντομότερο δυνατὸ καὶ νὰ ὑποβληθοῦν στὸ ὑπουργεῖο Δημοσίων Ἔργων γιὰ ἔγκριση.
Συνῆλθε ἡ ὁρισθεῖσα ἀπὸ τὴν ἐπιτροπὴ πολεοδομικοῦ σχεδιασμοῦ εἰδικὴ ἐπιτροπὴ γιὰ τὴν ἐξέταση τῶν προβλημάτων τῆς Ἄνω Πόλεως. Στὴ συνεδρίαση συμμετεῖχαν ἐκπρόσωποι τοῦ ὑπουργείου, τοῦ Δήμου καὶ τῶν κατοίκων τῆς περιοχῆς.
Τὸ ἀντικείμενο τῆς ἐπιτροπῆς εἶναι ἡ ἐξέταση τῶν σχεδίων ἀναπτύξεως τῆς περιοχῆς ἀπὸ ἀρχαιολογικῆς, πολεοδομικῆς καὶ κοινωνικῆς πλευρᾶς, ὥστε νὰ ἐξευρεθεῖ ἡ πλέον συμφέρουσα λύση γιὰ τοὺς κατοίκους.
Ἡ ἐπιτροπὴ ἀποφάσισε νὰ προωθηθοῦν τὰ σχέδια τὸ συντομότερο δυνατὸ καὶ νὰ ὑποβληθοῦν στὸ ὑπουργεῖο Δημοσίων Ἔργων γιὰ ἔγκριση.
Συνῆλθε ἡ ὁρισθεῖσα ἀπὸ τὴν ἐπιτροπὴ πολεοδομικοῦ σχεδιασμοῦ εἰδικὴ ἐπιτροπὴ γιὰ τὴν ἐξέταση τῶν προβλημάτων τῆς Ἄνω Πόλεως. Στὴ συνεδρίαση συμμετεῖχαν ἐκπρόσωποι τοῦ ὑπουργείου, τοῦ Δήμου καὶ τῶν κατοίκων τῆς περιοχῆς.
Τὸ ἀντικείμενο τῆς ἐπιτροπῆς εἶναι ἡ ἐξέταση τῶν σχεδίων ἀναπτύξεως τῆς περιοχῆς ἀπὸ ἀρχαιολογικῆς, πολεοδομικῆς καὶ κοινωνικῆς πλευρᾶς, ὥστε νὰ ἐξευρεθεῖ ἡ πλέον συμφέρουσα λύση γιὰ τοὺς κατοίκους.
Στὸ τριμελὲς πλημμελειοδικεῖο
Ἀρχίζει σήμερα στὴν Ἀθήνα ἡ δίκη τοῦ μοντελίστ Στέφα γιὰ τὸ θάνατο τοῦ Παναγούλη
Ἡ κατηγορία εἶναι ἀνθρωποκτονία ἐξ ἀμελείας καὶ παραβάσεις τοῦ κώδικα περὶ ὁδικῆς κυκλοφορίας
ΑΘΗΝΑ, 28.— Ἡ δίκη τοῦ Μιχαὴλ Στέφα, ὁ ὁποῖος κατηγορεῖται γιὰ τὸ θάνατο τοῦ Ἀλέξανδρου Παναγούλη, ἀρχίζει σήμερα στὸ τριμελὲς πλημμελειοδικεῖο. Ὁ κατηγορούμενος ὁδηγοῦσε τὸ αὐτοκίνητο ποὺ προκάλεσε τὸ δυστύχημα στὴ λεωφόρο Βουλιαγμένης.
Στὴ δίκη ἔχουν κλητευθεῖ ὡς μάρτυρες πολλὰ πρόσωπα, ἐνῶ ὡς πολιτικὴ ἀγωγὴ παρίστανται ἡ μητέρα καὶ οἱ ἀδελφοὶ τοῦ θύματος. Ἡ ὑπεράσπιση τοῦ κατηγορουμένου ἔχει ἀναλάβει ὁμάδα γνωστῶν δικηγόρων.
ΑΘΗΝΑ, 28.— Ἡ δίκη τοῦ Μιχαὴλ Στέφα, ὁ ὁποῖος κατηγορεῖται γιὰ τὸ θάνατο τοῦ Ἀλέξανδρου Παναγούλη, ἀρχίζει σήμερα στὸ τριμελὲς πλημμελειοδικεῖο. Ὁ κατηγορούμενος ὁδηγοῦσε τὸ αὐτοκίνητο ποὺ προκάλεσε τὸ δυστύχημα στὴ λεωφόρο Βουλιαγμένης.
Στὴ δίκη ἔχουν κλητευθεῖ ὡς μάρτυρες πολλὰ πρόσωπα, ἐνῶ ὡς πολιτικὴ ἀγωγὴ παρίστανται ἡ μητέρα καὶ οἱ ἀδελφοὶ τοῦ θύματος. Ἡ ὑπεράσπιση τοῦ κατηγορουμένου ἔχει ἀναλάβει ὁμάδα γνωστῶν δικηγόρων.
Στὴ δίκη ἔχουν κλητευθεῖ ὡς μάρτυρες πολλὰ πρόσωπα, ἐνῶ ὡς πολιτικὴ ἀγωγὴ παρίστανται ἡ μητέρα καὶ οἱ ἀδελφοὶ τοῦ θύματος. Ἡ ὑπεράσπιση τοῦ κατηγορουμένου ἔχει ἀναλάβει ὁμάδα γνωστῶν δικηγόρων.
ΑΘΗΝΑ, 28.— Ἡ δίκη τοῦ Μιχαὴλ Στέφα, ὁ ὁποῖος κατηγορεῖται γιὰ τὸ θάνατο τοῦ Ἀλέξανδρου Παναγούλη, ἀρχίζει σήμερα στὸ τριμελὲς πλημμελειοδικεῖο. Ὁ κατηγορούμενος ὁδηγοῦσε τὸ αὐτοκίνητο ποὺ προκάλεσε τὸ δυστύχημα στὴ λεωφόρο Βουλιαγμένης.
Στὴ δίκη ἔχουν κλητευθεῖ ὡς μάρτυρες πολλὰ πρόσωπα, ἐνῶ ὡς πολιτικὴ ἀγωγὴ παρίστανται ἡ μητέρα καὶ οἱ ἀδελφοὶ τοῦ θύματος. Ἡ ὑπεράσπιση τοῦ κατηγορουμένου ἔχει ἀναλάβει ὁμάδα γνωστῶν δικηγόρων.
Μ. ΚΑΡΑΜΠΑΤΣΑΚΗΣ
Θὰ δικασθοῦν τὴν Παρασκευὴ
Στὸ αὐτόφωρο τρεῖς τσιγγάνες ποὺ... ἔλυναν τὰ «μάγια» καὶ ἔκλεβαν ἀφελεῖς γυναῖκες
Μὲ τὶς μακριὲς πλουμιστὲς φοῦστες καὶ τὰ χρυσὰ δόντια «ἐξόρκιζαν» τὴ γειτονιά.— Πῶς ἀποκαλύφθηκαν
ΑΘΗΝΑ, 28.— Στὶς 4 Μαρτίου θὰ δικασθοῦν ἀπὸ τὸ αὐτόφωρο τρεῖς τσιγγάνες, οἱ ὁποῖες παρουσιάζονταν ὡς μάγισσες καὶ ἀπέσπασαν χρήματα καὶ τιμαλφῆ ἀπὸ ἀφελεῖς γυναῖκες, ὑποσχόμενες νὰ λύσουν τὰ «μάγια» ποὺ τοὺς εἶχαν κάνει.
Οἱ τρεῖς γυναῖκες συνελήφθησαν ὕστερα ἀπὸ καταγγελία μιᾶς ἀπὸ τὶς ἀπατηθεῖσες, ἡ ὁποία ἀντιλήφθηκε ὅτι ἔπεσε θύμα ἀπάτης. Κατὰ τὴ σύλληψή τους βρέθηκαν στὴν κατοχή τους χρυσαφικὰ καὶ χρηματικὸ ποσό.
Τὰ θύματά τους ἦταν κυρίως ἡλικιωμένες γυναῖκες, ποὺ ζοῦσαν μόνες τους. Οἱ τσιγγάνες τοὺς ἔπειθαν ὅτι κάποιος τοὺς εἶχε κάνει «μάγια» καὶ ὅτι μόνο αὐτὲς μποροῦσαν νὰ τὰ λύσουν, ἀφοῦ πρῶτα τοὺς ἔδιναν τὰ χρήματα καὶ τὰ κοσμήματά τους.
ΑΘΗΝΑ, 28.— Στὶς 4 Μαρτίου θὰ δικασθοῦν ἀπὸ τὸ αὐτόφωρο τρεῖς τσιγγάνες, οἱ ὁποῖες παρουσιάζονταν ὡς μάγισσες καὶ ἀπέσπασαν χρήματα καὶ τιμαλφῆ ἀπὸ ἀφελεῖς γυναῖκες, ὑποσχόμενες νὰ λύσουν τὰ «μάγια» ποὺ τοὺς εἶχαν κάνει.
Οἱ τρεῖς γυναῖκες συνελήφθησαν ὕστερα ἀπὸ καταγγελία μιᾶς ἀπὸ τὶς ἀπατηθεῖσες, ἡ ὁποία ἀντιλήφθηκε ὅτι ἔπεσε θύμα ἀπάτης. Κατὰ τὴ σύλληψή τους βρέθηκαν στὴν κατοχή τους χρυσαφικὰ καὶ χρηματικὸ ποσό.
Τὰ θύματά τους ἦταν κυρίως ἡλικιωμένες γυναῖκες, ποὺ ζοῦσαν μόνες τους. Οἱ τσιγγάνες τοὺς ἔπειθαν ὅτι κάποιος τοὺς εἶχε κάνει «μάγια» καὶ ὅτι μόνο αὐτὲς μποροῦσαν νὰ τὰ λύσουν, ἀφοῦ πρῶτα τοὺς ἔδιναν τὰ χρήματα καὶ τὰ κοσμήματά τους.
Οἱ τρεῖς γυναῖκες συνελήφθησαν ὕστερα ἀπὸ καταγγελία μιᾶς ἀπὸ τὶς ἀπατηθεῖσες, ἡ ὁποία ἀντιλήφθηκε ὅτι ἔπεσε θύμα ἀπάτης. Κατὰ τὴ σύλληψή τους βρέθηκαν στὴν κατοχή τους χρυσαφικὰ καὶ χρηματικὸ ποσό.
ΑΘΗΝΑ, 28.— Στὶς 4 Μαρτίου θὰ δικασθοῦν ἀπὸ τὸ αὐτόφωρο τρεῖς τσιγγάνες, οἱ ὁποῖες παρουσιάζονταν ὡς μάγισσες καὶ ἀπέσπασαν χρήματα καὶ τιμαλφῆ ἀπὸ ἀφελεῖς γυναῖκες, ὑποσχόμενες νὰ λύσουν τὰ «μάγια» ποὺ τοὺς εἶχαν κάνει.
Τὰ θύματά τους ἦταν κυρίως ἡλικιωμένες γυναῖκες, ποὺ ζοῦσαν μόνες τους. Οἱ τσιγγάνες τοὺς ἔπειθαν ὅτι κάποιος τοὺς εἶχε κάνει «μάγια» καὶ ὅτι μόνο αὐτὲς μποροῦσαν νὰ τὰ λύσουν, ἀφοῦ πρῶτα τοὺς ἔδιναν τὰ χρήματα καὶ τὰ κοσμήματά τους.
Οἱ τρεῖς γυναῖκες συνελήφθησαν ὕστερα ἀπὸ καταγγελία μιᾶς ἀπὸ τὶς ἀπατηθεῖσες, ἡ ὁποία ἀντιλήφθηκε ὅτι ἔπεσε θύμα ἀπάτης. Κατὰ τὴ σύλληψή τους βρέθηκαν στὴν κατοχή τους χρυσαφικὰ καὶ χρηματικὸ ποσό.
Σελίς 3
ΣΤΗΝ ΑΝΑΓΕΝΝΗΣΗ
ΕΡΓΑΤΗΣ ΚΑΤΑΠΛΑΚΩΘΗΚΕ ΑΠΟ ΤΟΙΧΟ ΚΑΙ ΠΕΘΑΝΕ
ΑΛΛΟΣ ΤΡΑΥΜΑΤΙΣΘΗΚΕ ΣΟΒΑΡΑ ΣΤΗΝ ΞΑΝΘΗ
Θανατηφόρο ἐργατικὸ δυστύχημα συνέβη χθὲς στὴν Ἀναγέννηση Σερρῶν. Ὁ ἐργάτης κατεπλακώθη ἀπὸ τοῖχο ποὺ κατέρρευσε καὶ ἀπεβίωσε κατὰ τὴ μεταφορά του στὸ νοσοκομεῖο.
Θανατηφόρο ἐργατικὸ δυστύχημα συνέβη χθὲς στὴν Ἀναγέννηση Σερρῶν. Ὁ ἐργάτης κατεπλακώθη ἀπὸ τοῖχο ποὺ κατέρρευσε καὶ ἀπεβίωσε κατὰ τὴ μεταφορά του στὸ νοσοκομεῖο.
ΣΤΗ ΧΑΛΚΙΔΙΚΗ
ΠΡΟΦΥΛΑΚΙΣΘΗΚΑΝ Ο ΠΛΟΙΑΡΧΟΣ ΚΑΙ Ο ΥΠΟΠΛΟΙΑΡΧΟΣ ΚΥΠΡΙΑΚΟΥ ΜΟΤΟΡΣΙΠ
ΓΙΑ ΤΟΝ ΘΑΝΑΤΟ ΔΥΟ ΝΑΥΤΙΚΩΝ
ΧΑΛΚΙΔΑ, 28.— Μὲ ἀπόφαση τοῦ ἀνακριτοῦ προφυλακίσθηκαν ὁ πλοίαρχος καὶ ὁ ὑποπλοίαρχος τοῦ κυπριακοῦ μότορσιπ, στὸ ὁποῖο σημειώθηκε ὁ θάνατος δύο ναυτικῶν ἀπὸ ἀναθυμιάσεις.
ΧΑΛΚΙΔΑ, 28.— Μὲ ἀπόφαση τοῦ ἀνακριτοῦ προφυλακίσθηκαν ὁ πλοίαρχος καὶ ὁ ὑποπλοίαρχος τοῦ κυπριακοῦ μότορσιπ, στὸ ὁποῖο σημειώθηκε ὁ θάνατος δύο ναυτικῶν ἀπὸ ἀναθυμιάσεις.
ΣΤΟ ΠΛΩΜΑΡΙ
ΑΥΤΟΚΤΟΝΗΣΕ ΑΦΟΥ ΤΡΑΥΜΑΤΙΣΕ ΤΟ ΓΑΜΠΡΟ ΤΟΥ
ΓΙΑ ΖΗΤΗΜΑΤΑ ΠΡΟΙΚΟΣ ΗΤΑΝ ΨΥΧΟΠΑΘΗΣ
ΜΥΤΙΛΗΝΗ, 28.— Στὸ Πλωμάρι ἕνας ψυχοπαθὴς πυροβόλησε καὶ τραυμάτισε τὸ γαμπρό του καὶ στὴ συνέχεια αὐτοκτόνησε.
ΜΥΤΙΛΗΝΗ, 28.— Στὸ Πλωμάρι ἕνας ψυχοπαθὴς πυροβόλησε καὶ τραυμάτισε τὸ γαμπρό του καὶ στὴ συνέχεια αὐτοκτόνησε.
ΣΥΝΕΔΡΙΑΖΕΙ ΤΗΝ ΠΕΜΠΤΗ ΤΟ ΙΔΡΥΜΑ Σ.Α. ΠΟΥ ΣΚΟΤΩΣΕ ΤΗ ΜΑΡΙΑ
ΑΘΗΝΑ, 28.— Τὴν Πέμπτη θὰ συνεδριάσει τὸ πειθαρχικὸ συμβούλιο γιὰ τὴν ὑπόθεση τοῦ θανάτου τῆς μικρῆς Μαρίας, ἡ ὁποία παρασύρθηκε ἀπὸ αὐτοκίνητο.
ΑΘΗΝΑ, 28.— Τὴν Πέμπτη θὰ συνεδριάσει τὸ πειθαρχικὸ συμβούλιο γιὰ τὴν ὑπόθεση τοῦ θανάτου τῆς μικρῆς Μαρίας, ἡ ὁποία παρασύρθηκε ἀπὸ αὐτοκίνητο.
ΑΝΕΒΛΗΘΗ Η ΔΙΚΗ ΠΡΩΗΝ ΕΣΑΤΖΗ ΓΙΑ ΒΑΣΑΝΙΣΤΗΡΙΑ
ΑΘΗΝΑ, 28.— Ἀνεβλήθη ἡ δίκη τοῦ πρώην ἀξιωματικοῦ τῆς ΕΣΑ, ὁ ὁποῖος κατηγορεῖται γιὰ βασανιστήρια κρατουμένων κατὰ τὴν περίοδο τῆς δικτατορίας.
ΑΘΗΝΑ, 28.— Ἀνεβλήθη ἡ δίκη τοῦ πρώην ἀξιωματικοῦ τῆς ΕΣΑ, ὁ ὁποῖος κατηγορεῖται γιὰ βασανιστήρια κρατουμένων κατὰ τὴν περίοδο τῆς δικτατορίας.
ΠΟΥΛΟΥΣΕ ΕΝΤΥΠΑ ΧΩΡΙΣ ΑΔΕΙΑ
ΘΕΣΣΑΛΟΝΙΚΗ, 28.— Συνελήφθη ἐπειδὴ πωλοῦσε ἔντυπα χωρὶς ἄδεια στὴν ὁδὸ Ἐγνατίας.
ΠΕΤΑΞΑΝ ΤΟΥΒΛΟ ΣΤΑ ΓΡΑΦΕΙΑ ΤΟΥ «ΡΗΓΑ ΦΕΡΑΙΟΥ»
ΑΘΗΝΑ, 28.— Ἄγνωστοι πέταξαν τοῦβλο στὰ γραφεῖα τῆς ὀργανώσεως προκαλώντας ζημιὲς στὴν εἴσοδο.
ΕΡΓΑΤΗΣ ΥΠΕΣΤΗ ΕΓΚΑΥΜΑΤΑ ΣΕ ΧΥΤΗΡΙΟ
Ἐκτεταμένα ἐγκαύματα ὑπέστη ἐργάτης σὲ χυτήριο τῆς βιομηχανικῆς περιοχῆς καὶ μεταφέρθηκε στὸ νοσοκομεῖο ΑΧΕΠΑ.
ΑΝΑΚΑΛΥΦΘΗΚΕ ΠΑΛΙΟ ΣΠΙΤΙ ΠΑΡΑΝΟΜΑ
ΒΟΛΟΣ, 28.— Ἀρέθηκαν προχωρημένες ἐργασίες κατεδάφισης παλιοῦ σπιτιοῦ χωρὶς ἄδεια ἀπὸ τὴν πολεοδομία.
ΕΚΛΕΨΑΝ ΤΟΥΝΑΡΙΚΑ
ΑΘΗΝΑ, 28.— Ἄγνωστοι ἔκλεψαν ἀπὸ ψυκτικὸ θάλαμο τουναρικὰ ἀξίας 71.000 δραχμῶν.
